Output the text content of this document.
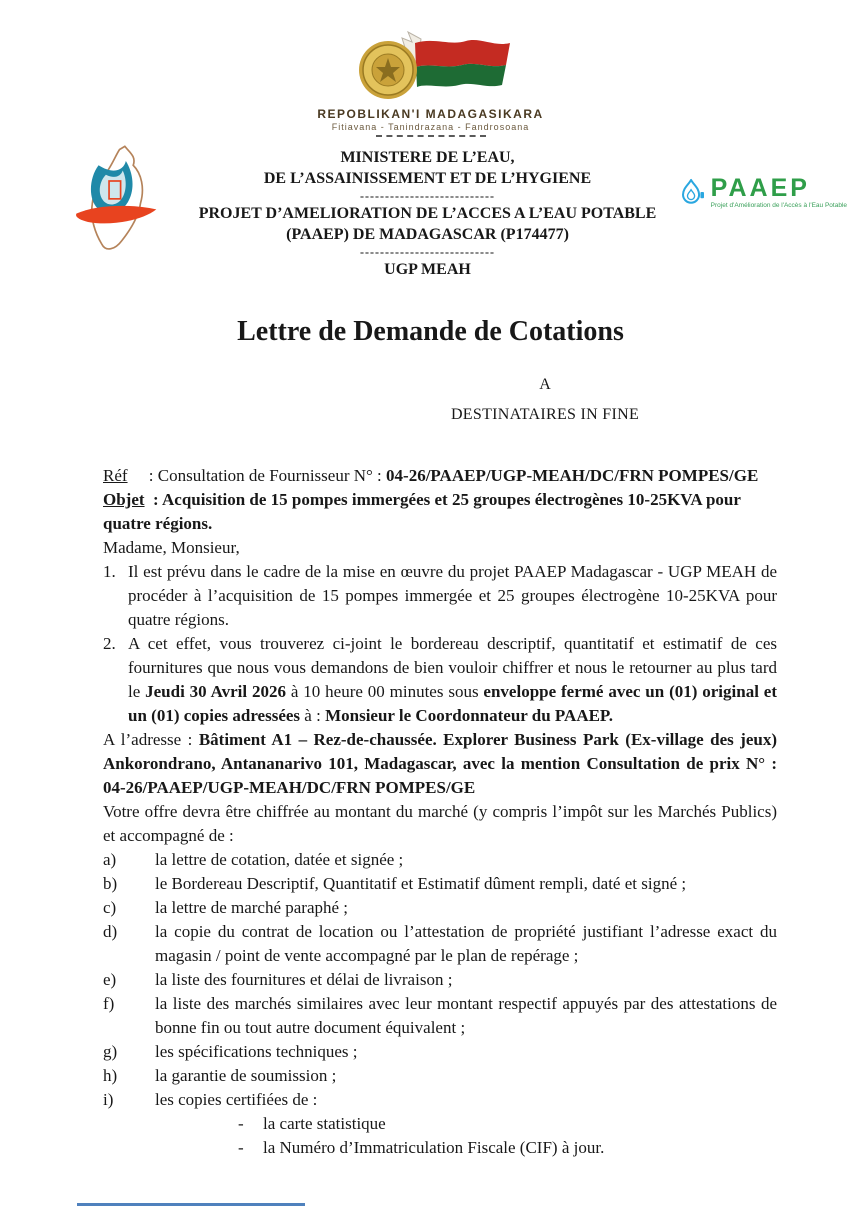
REPOBLIKAN'I MADAGASIKARA
Fitiavana - Tanindrazana - Fandrosoana
MINISTERE DE L’EAU,
DE L’ASSAINISSEMENT ET DE L’HYGIENE
---------------------------
PROJET D’AMELIORATION DE L’ACCES A L’EAU POTABLE
(PAAEP) DE MADAGASCAR (P174477)
---------------------------
UGP MEAH
PAAEP
Projet d'Amélioration de l'Accès à l'Eau Potable
Lettre de Demande de Cotations
A
DESTINATAIRES IN FINE

Réf     : Consultation de Fournisseur N° : 04-26/PAAEP/UGP-MEAH/DC/FRN POMPES/GE

Objet  : Acquisition de 15 pompes immergées et 25 groupes électrogènes 10-25KVA pour quatre régions.

Madame, Monsieur,

1. Il est prévu dans le cadre de la mise en œuvre du projet PAAEP Madagascar - UGP MEAH de procéder à l’acquisition de 15 pompes immergée et 25 groupes électrogène 10-25KVA pour quatre régions.

2. A cet effet, vous trouverez ci-joint le bordereau descriptif, quantitatif et estimatif de ces fournitures que nous vous demandons de bien vouloir chiffrer et nous le retourner au plus tard le Jeudi 30 Avril 2026 à 10 heure 00 minutes sous enveloppe fermé avec un (01) original et un (01) copies adressées à : Monsieur le Coordonnateur du PAAEP.

A l’adresse : Bâtiment A1 – Rez-de-chaussée. Explorer Business Park (Ex-village des jeux) Ankorondrano, Antananarivo 101, Madagascar, avec la mention Consultation de prix N° : 04-26/PAAEP/UGP-MEAH/DC/FRN POMPES/GE

Votre offre devra être chiffrée au montant du marché (y compris l’impôt sur les Marchés Publics) et accompagné de :

a) la lettre de cotation, datée et signée ;

b) le Bordereau Descriptif, Quantitatif et Estimatif dûment rempli, daté et signé ;

c) la lettre de marché paraphé ;

d) la copie du contrat de location ou l’attestation de propriété justifiant l’adresse exact du magasin / point de vente accompagné par le plan de repérage ;

e) la liste des fournitures et délai de livraison ;

f) la liste des marchés similaires avec leur montant respectif appuyés par des attestations de bonne fin ou tout autre document équivalent ;

g) les spécifications techniques ;

h) la garantie de soumission ;

i) les copies certifiées de :

- la carte statistique

- la Numéro d’Immatriculation Fiscale (CIF) à jour.
